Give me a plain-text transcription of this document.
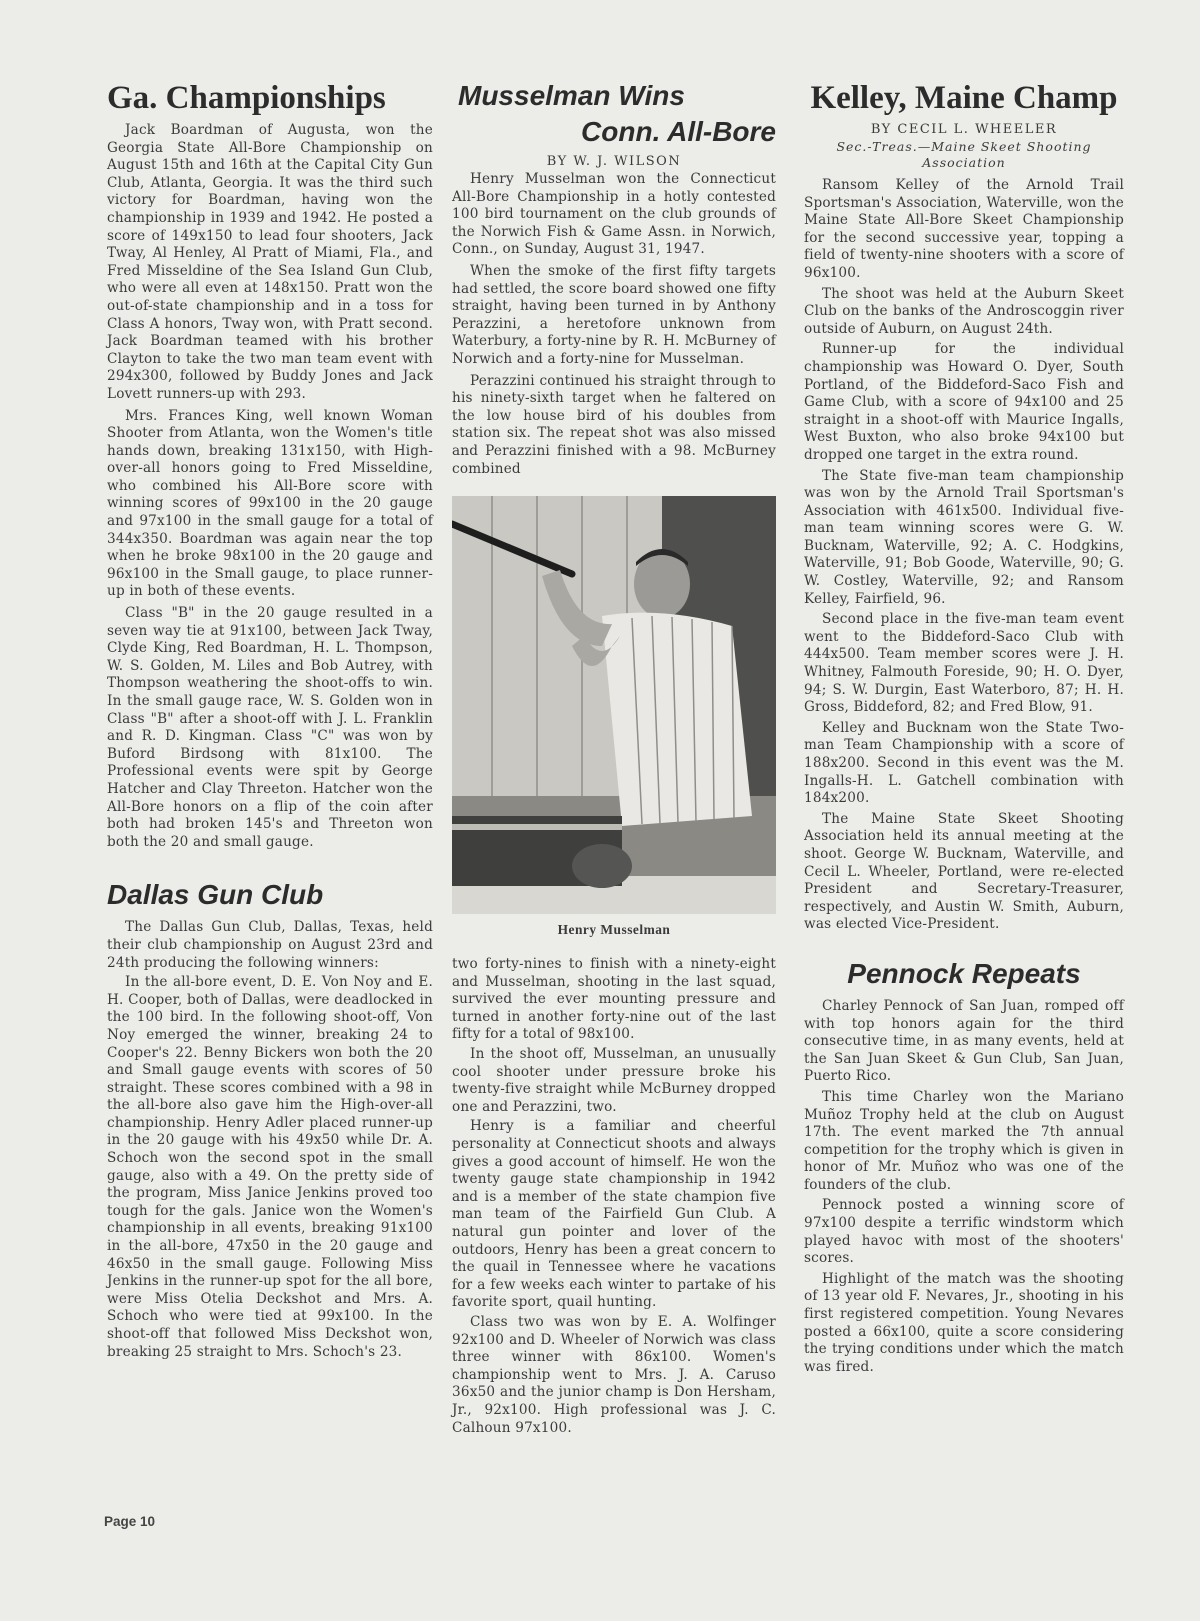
Ga. Championships

Jack Boardman of Augusta, won the Georgia State All-Bore Championship on August 15th and 16th at the Capital City Gun Club, Atlanta, Georgia. It was the third such victory for Boardman, having won the championship in 1939 and 1942. He posted a score of 149x150 to lead four shooters, Jack Tway, Al Henley, Al Pratt of Miami, Fla., and Fred Misseldine of the Sea Island Gun Club, who were all even at 148x150. Pratt won the out-of-state championship and in a toss for Class A honors, Tway won, with Pratt second. Jack Boardman teamed with his brother Clayton to take the two man team event with 294x300, followed by Buddy Jones and Jack Lovett runners-up with 293.

Mrs. Frances King, well known Woman Shooter from Atlanta, won the Women's title hands down, breaking 131x150, with High-over-all honors going to Fred Misseldine, who combined his All-Bore score with winning scores of 99x100 in the 20 gauge and 97x100 in the small gauge for a total of 344x350. Boardman was again near the top when he broke 98x100 in the 20 gauge and 96x100 in the Small gauge, to place runner-up in both of these events.

Class "B" in the 20 gauge resulted in a seven way tie at 91x100, between Jack Tway, Clyde King, Red Boardman, H. L. Thompson, W. S. Golden, M. Liles and Bob Autrey, with Thompson weathering the shoot-offs to win. In the small gauge race, W. S. Golden won in Class "B" after a shoot-off with J. L. Franklin and R. D. Kingman. Class "C" was won by Buford Birdsong with 81x100. The Professional events were spit by George Hatcher and Clay Threeton. Hatcher won the All-Bore honors on a flip of the coin after both had broken 145's and Threeton won both the 20 and small gauge.

Dallas Gun Club

The Dallas Gun Club, Dallas, Texas, held their club championship on August 23rd and 24th producing the following winners:

In the all-bore event, D. E. Von Noy and E. H. Cooper, both of Dallas, were deadlocked in the 100 bird. In the following shoot-off, Von Noy emerged the winner, breaking 24 to Cooper's 22. Benny Bickers won both the 20 and Small gauge events with scores of 50 straight. These scores combined with a 98 in the all-bore also gave him the High-over-all championship. Henry Adler placed runner-up in the 20 gauge with his 49x50 while Dr. A. Schoch won the second spot in the small gauge, also with a 49. On the pretty side of the program, Miss Janice Jenkins proved too tough for the gals. Janice won the Women's championship in all events, breaking 91x100 in the all-bore, 47x50 in the 20 gauge and 46x50 in the small gauge. Following Miss Jenkins in the runner-up spot for the all bore, were Miss Otelia Deckshot and Mrs. A. Schoch who were tied at 99x100. In the shoot-off that followed Miss Deckshot won, breaking 25 straight to Mrs. Schoch's 23.

Musselman Wins
Conn. All-Bore
BY W. J. WILSON

Henry Musselman won the Connecticut All-Bore Championship in a hotly contested 100 bird tournament on the club grounds of the Norwich Fish & Game Assn. in Norwich, Conn., on Sunday, August 31, 1947.

When the smoke of the first fifty targets had settled, the score board showed one fifty straight, having been turned in by Anthony Perazzini, a heretofore unknown from Waterbury, a forty-nine by R. H. McBurney of Norwich and a forty-nine for Musselman.

Perazzini continued his straight through to his ninety-sixth target when he faltered on the low house bird of his doubles from station six. The repeat shot was also missed and Perazzini finished with a 98. McBurney combined

Henry Musselman

two forty-nines to finish with a ninety-eight and Musselman, shooting in the last squad, survived the ever mounting pressure and turned in another forty-nine out of the last fifty for a total of 98x100.

In the shoot off, Musselman, an unusually cool shooter under pressure broke his twenty-five straight while McBurney dropped one and Perazzini, two.

Henry is a familiar and cheerful personality at Connecticut shoots and always gives a good account of himself. He won the twenty gauge state championship in 1942 and is a member of the state champion five man team of the Fairfield Gun Club. A natural gun pointer and lover of the outdoors, Henry has been a great concern to the quail in Tennessee where he vacations for a few weeks each winter to partake of his favorite sport, quail hunting.

Class two was won by E. A. Wolfinger 92x100 and D. Wheeler of Norwich was class three winner with 86x100. Women's championship went to Mrs. J. A. Caruso 36x50 and the junior champ is Don Hersham, Jr., 92x100. High professional was J. C. Calhoun 97x100.

Kelley, Maine Champ
BY CECIL L. WHEELER
Sec.-Treas.—Maine Skeet Shooting Association

Ransom Kelley of the Arnold Trail Sportsman's Association, Waterville, won the Maine State All-Bore Skeet Championship for the second successive year, topping a field of twenty-nine shooters with a score of 96x100.

The shoot was held at the Auburn Skeet Club on the banks of the Androscoggin river outside of Auburn, on August 24th.

Runner-up for the individual championship was Howard O. Dyer, South Portland, of the Biddeford-Saco Fish and Game Club, with a score of 94x100 and 25 straight in a shoot-off with Maurice Ingalls, West Buxton, who also broke 94x100 but dropped one target in the extra round.

The State five-man team championship was won by the Arnold Trail Sportsman's Association with 461x500. Individual five-man team winning scores were G. W. Bucknam, Waterville, 92; A. C. Hodgkins, Waterville, 91; Bob Goode, Waterville, 90; G. W. Costley, Waterville, 92; and Ransom Kelley, Fairfield, 96.

Second place in the five-man team event went to the Biddeford-Saco Club with 444x500. Team member scores were J. H. Whitney, Falmouth Foreside, 90; H. O. Dyer, 94; S. W. Durgin, East Waterboro, 87; H. H. Gross, Biddeford, 82; and Fred Blow, 91.

Kelley and Bucknam won the State Two-man Team Championship with a score of 188x200. Second in this event was the M. Ingalls-H. L. Gatchell combination with 184x200.

The Maine State Skeet Shooting Association held its annual meeting at the shoot. George W. Bucknam, Waterville, and Cecil L. Wheeler, Portland, were re-elected President and Secretary-Treasurer, respectively, and Austin W. Smith, Auburn, was elected Vice-President.

Pennock Repeats

Charley Pennock of San Juan, romped off with top honors again for the third consecutive time, in as many events, held at the San Juan Skeet & Gun Club, San Juan, Puerto Rico.

This time Charley won the Mariano Muñoz Trophy held at the club on August 17th. The event marked the 7th annual competition for the trophy which is given in honor of Mr. Muñoz who was one of the founders of the club.

Pennock posted a winning score of 97x100 despite a terrific windstorm which played havoc with most of the shooters' scores.

Highlight of the match was the shooting of 13 year old F. Nevares, Jr., shooting in his first registered competition. Young Nevares posted a 66x100, quite a score considering the trying conditions under which the match was fired.

Page 10
